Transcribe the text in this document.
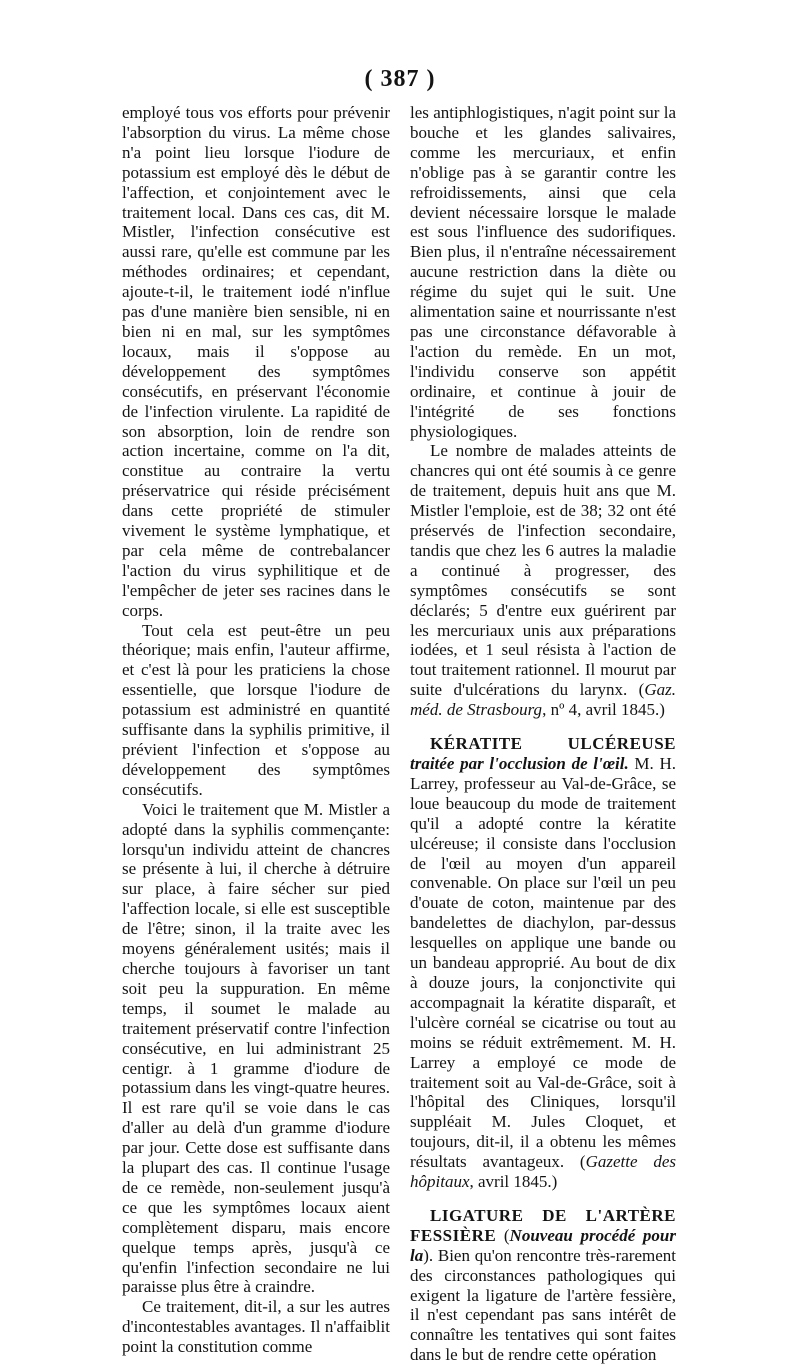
( 387 )

employé tous vos efforts pour prévenir l'absorption du virus. La même chose n'a point lieu lorsque l'iodure de potassium est employé dès le début de l'affection, et conjointement avec le traitement local. Dans ces cas, dit M. Mistler, l'infection consécutive est aussi rare, qu'elle est commune par les méthodes ordinaires; et cependant, ajoute-t-il, le traitement iodé n'influe pas d'une manière bien sensible, ni en bien ni en mal, sur les symptômes locaux, mais il s'oppose au développement des symptômes consécutifs, en préservant l'économie de l'infection virulente. La rapidité de son absorption, loin de rendre son action incertaine, comme on l'a dit, constitue au contraire la vertu préservatrice qui réside précisément dans cette propriété de stimuler vivement le système lymphatique, et par cela même de contrebalancer l'action du virus syphilitique et de l'empêcher de jeter ses racines dans le corps.

Tout cela est peut-être un peu théorique; mais enfin, l'auteur affirme, et c'est là pour les praticiens la chose essentielle, que lorsque l'iodure de potassium est administré en quantité suffisante dans la syphilis primitive, il prévient l'infection et s'oppose au développement des symptômes consécutifs.

Voici le traitement que M. Mistler a adopté dans la syphilis commençante: lorsqu'un individu atteint de chancres se présente à lui, il cherche à détruire sur place, à faire sécher sur pied l'affection locale, si elle est susceptible de l'être; sinon, il la traite avec les moyens généralement usités; mais il cherche toujours à favoriser un tant soit peu la suppuration. En même temps, il soumet le malade au traitement préservatif contre l'infection consécutive, en lui administrant 25 centigr. à 1 gramme d'iodure de potassium dans les vingt-quatre heures. Il est rare qu'il se voie dans le cas d'aller au delà d'un gramme d'iodure par jour. Cette dose est suffisante dans la plupart des cas. Il continue l'usage de ce remède, non-seulement jusqu'à ce que les symptômes locaux aient complètement disparu, mais encore quelque temps après, jusqu'à ce qu'enfin l'infection secondaire ne lui paraisse plus être à craindre.

Ce traitement, dit-il, a sur les autres d'incontestables avantages. Il n'affaiblit point la constitution comme

les antiphlogistiques, n'agit point sur la bouche et les glandes salivaires, comme les mercuriaux, et enfin n'oblige pas à se garantir contre les refroidissements, ainsi que cela devient nécessaire lorsque le malade est sous l'influence des sudorifiques. Bien plus, il n'entraîne nécessairement aucune restriction dans la diète ou régime du sujet qui le suit. Une alimentation saine et nourrissante n'est pas une circonstance défavorable à l'action du remède. En un mot, l'individu conserve son appétit ordinaire, et continue à jouir de l'intégrité de ses fonctions physiologiques.

Le nombre de malades atteints de chancres qui ont été soumis à ce genre de traitement, depuis huit ans que M. Mistler l'emploie, est de 38; 32 ont été préservés de l'infection secondaire, tandis que chez les 6 autres la maladie a continué à progresser, des symptômes consécutifs se sont déclarés; 5 d'entre eux guérirent par les mercuriaux unis aux préparations iodées, et 1 seul résista à l'action de tout traitement rationnel. Il mourut par suite d'ulcérations du larynx. (Gaz. méd. de Strasbourg, nº 4, avril 1845.)

KÉRATITE ULCÉREUSE traitée par l'occlusion de l'œil. M. H. Larrey, professeur au Val-de-Grâce, se loue beaucoup du mode de traitement qu'il a adopté contre la kératite ulcéreuse; il consiste dans l'occlusion de l'œil au moyen d'un appareil convenable. On place sur l'œil un peu d'ouate de coton, maintenue par des bandelettes de diachylon, par-dessus lesquelles on applique une bande ou un bandeau approprié. Au bout de dix à douze jours, la conjonctivite qui accompagnait la kératite disparaît, et l'ulcère cornéal se cicatrise ou tout au moins se réduit extrêmement. M. H. Larrey a employé ce mode de traitement soit au Val-de-Grâce, soit à l'hôpital des Cliniques, lorsqu'il suppléait M. Jules Cloquet, et toujours, dit-il, il a obtenu les mêmes résultats avantageux. (Gazette des hôpitaux, avril 1845.)

LIGATURE DE L'ARTÈRE FESSIÈRE (Nouveau procédé pour la). Bien qu'on rencontre très-rarement des circonstances pathologiques qui exigent la ligature de l'artère fessière, il n'est cependant pas sans intérêt de connaître les tentatives qui sont faites dans le but de rendre cette opération
